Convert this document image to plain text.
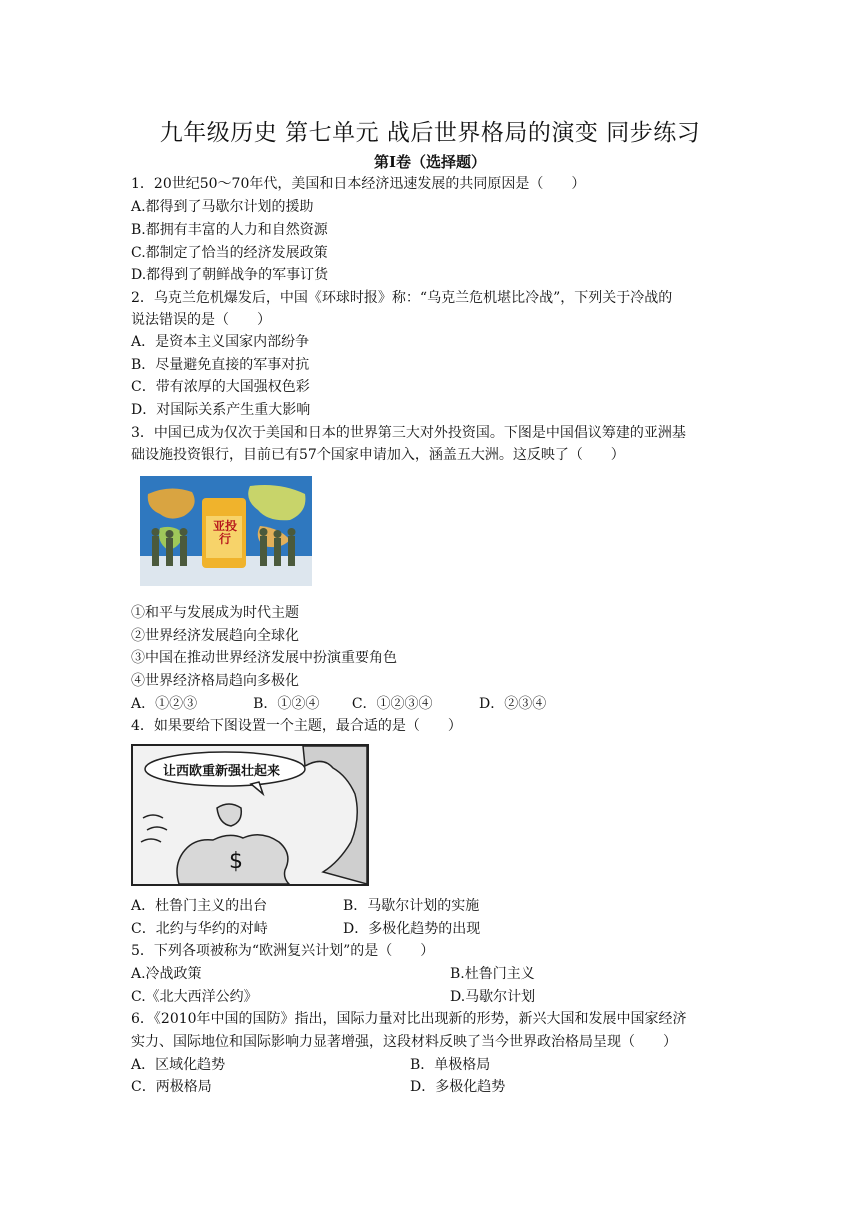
九年级历史 第七单元 战后世界格局的演变 同步练习
第Ⅰ卷（选择题）
1．20世纪50～70年代，美国和日本经济迅速发展的共同原因是（　　）
A.都得到了马歇尔计划的援助
B.都拥有丰富的人力和自然资源
C.都制定了恰当的经济发展政策
D.都得到了朝鲜战争的军事订货
2．乌克兰危机爆发后，中国《环球时报》称：“乌克兰危机堪比冷战”，下列关于冷战的
说法错误的是（　　）
A．是资本主义国家内部纷争
B．尽量避免直接的军事对抗
C．带有浓厚的大国强权色彩
D．对国际关系产生重大影响
3．中国已成为仅次于美国和日本的世界第三大对外投资国。下图是中国倡议筹建的亚洲基
础设施投资银行，目前已有57个国家申请加入，涵盖五大洲。这反映了（　　）
亚投行
①和平与发展成为时代主题
②世界经济发展趋向全球化
③中国在推动世界经济发展中扮演重要角色
④世界经济格局趋向多极化
A．①②③　　　　B．①②④　　 C．①②③④　　　 D．②③④
4．如果要给下图设置一个主题，最合适的是（　　）
$
让西欧重新强壮起来
A．杜鲁门主义的出台	B．马歇尔计划的实施
C．北约与华约的对峙	D．多极化趋势的出现
5．下列各项被称为“欧洲复兴计划”的是（　　）
A.冷战政策	B.杜鲁门主义
C.《北大西洋公约》	D.马歇尔计划
6．《2010年中国的国防》指出，国际力量对比出现新的形势，新兴大国和发展中国家经济
实力、国际地位和国际影响力显著增强，这段材料反映了当今世界政治格局呈现（　　）
A．区域化趋势	B．单极格局
C．两极格局	D．多极化趋势
